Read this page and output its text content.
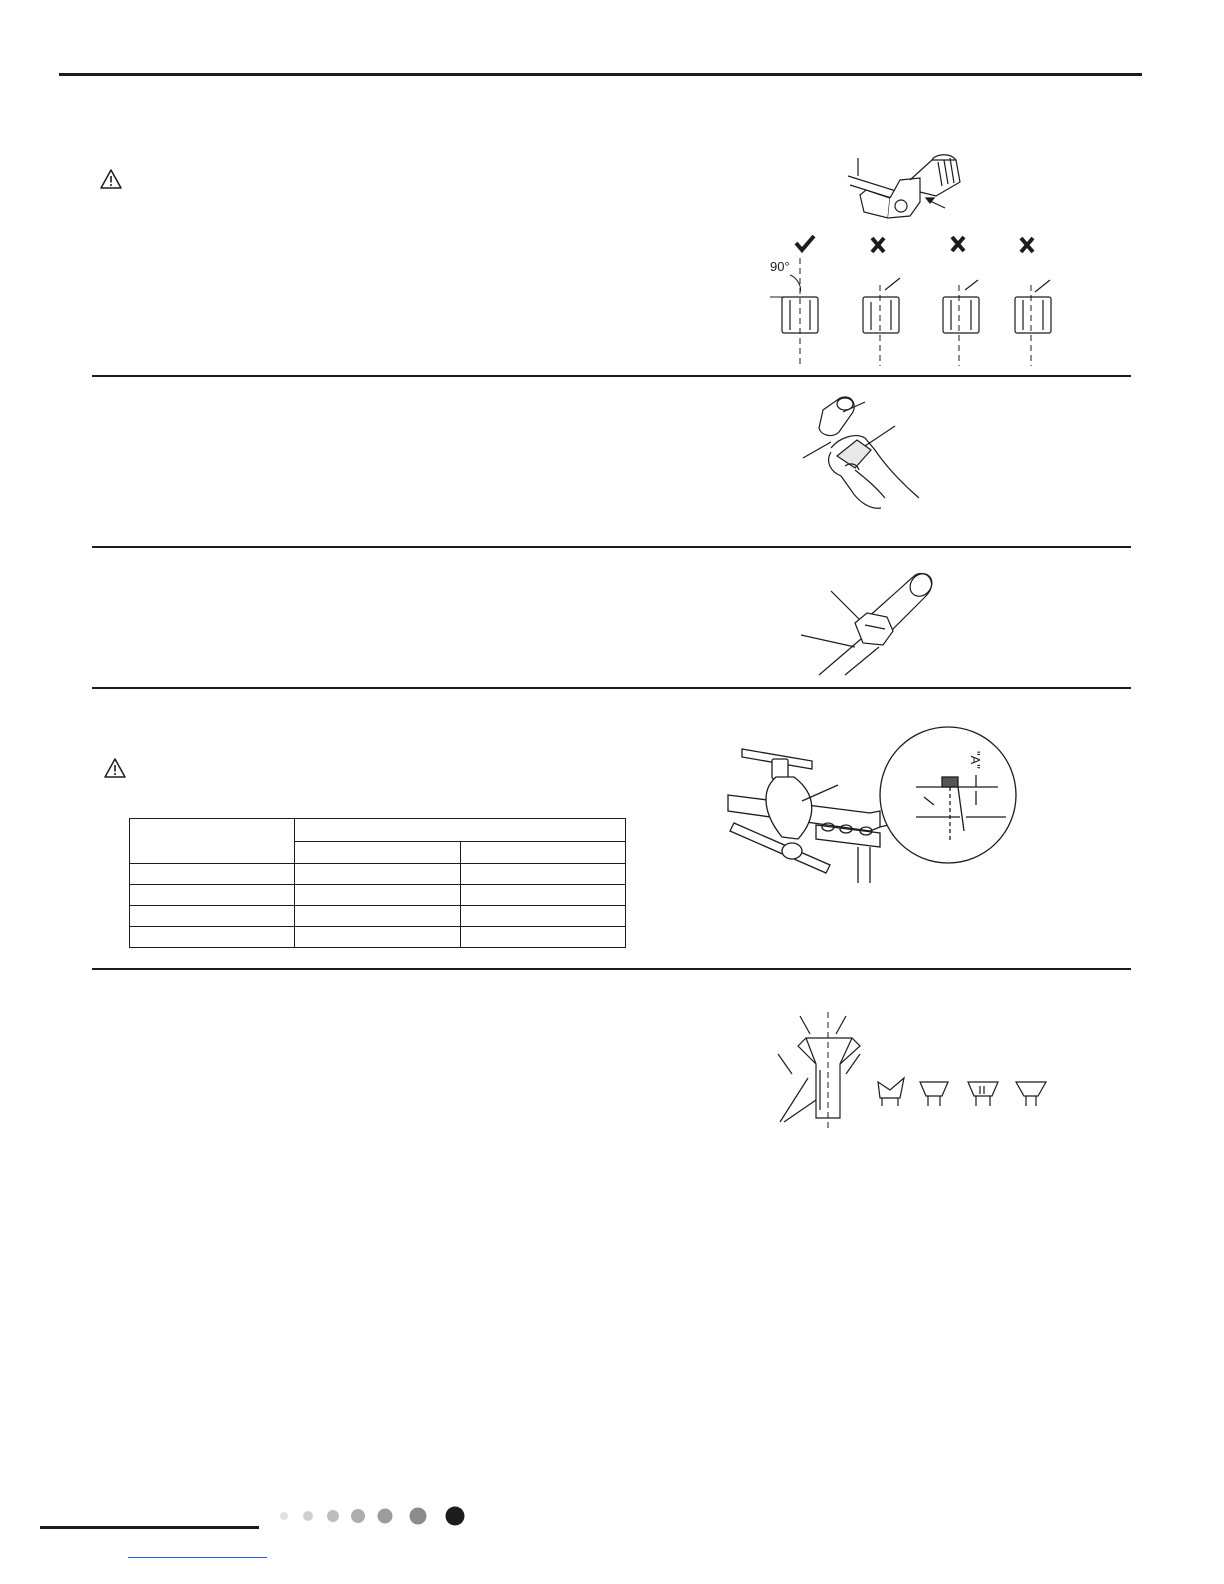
90°

"A"
